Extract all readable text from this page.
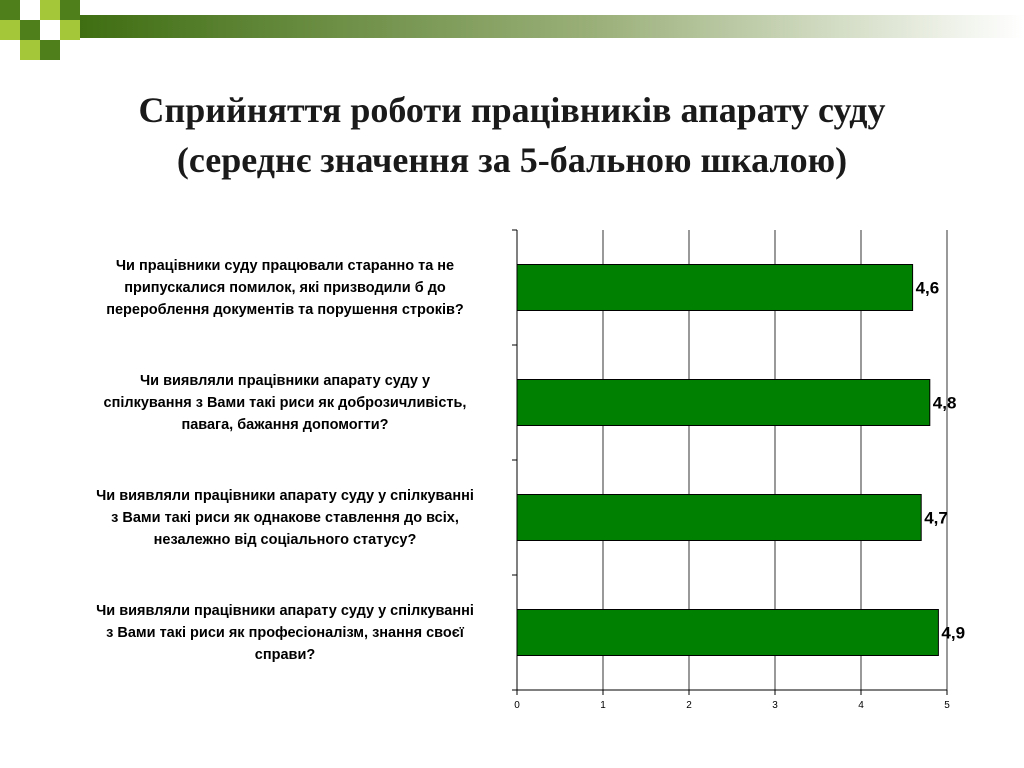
Сприйняття роботи працівників апарату суду
(середнє значення за 5-бальною шкалою)
0	1	2	3	4	5
4,6
4,8
4,7
4,9
Чи працівники суду працювали старанно та не
припускалися помилок, які призводили б до
перероблення документів та порушення строків?
Чи виявляли працівники апарату суду у
спілкування з Вами такі риси як доброзичливість,
павага, бажання допомогти?
Чи виявляли працівники апарату суду у спілкуванні
з Вами такі риси як однакове ставлення до всіх,
незалежно від соціального статусу?
Чи виявляли працівники апарату суду у спілкуванні
з Вами такі риси як професіоналізм, знання своєї
справи?
